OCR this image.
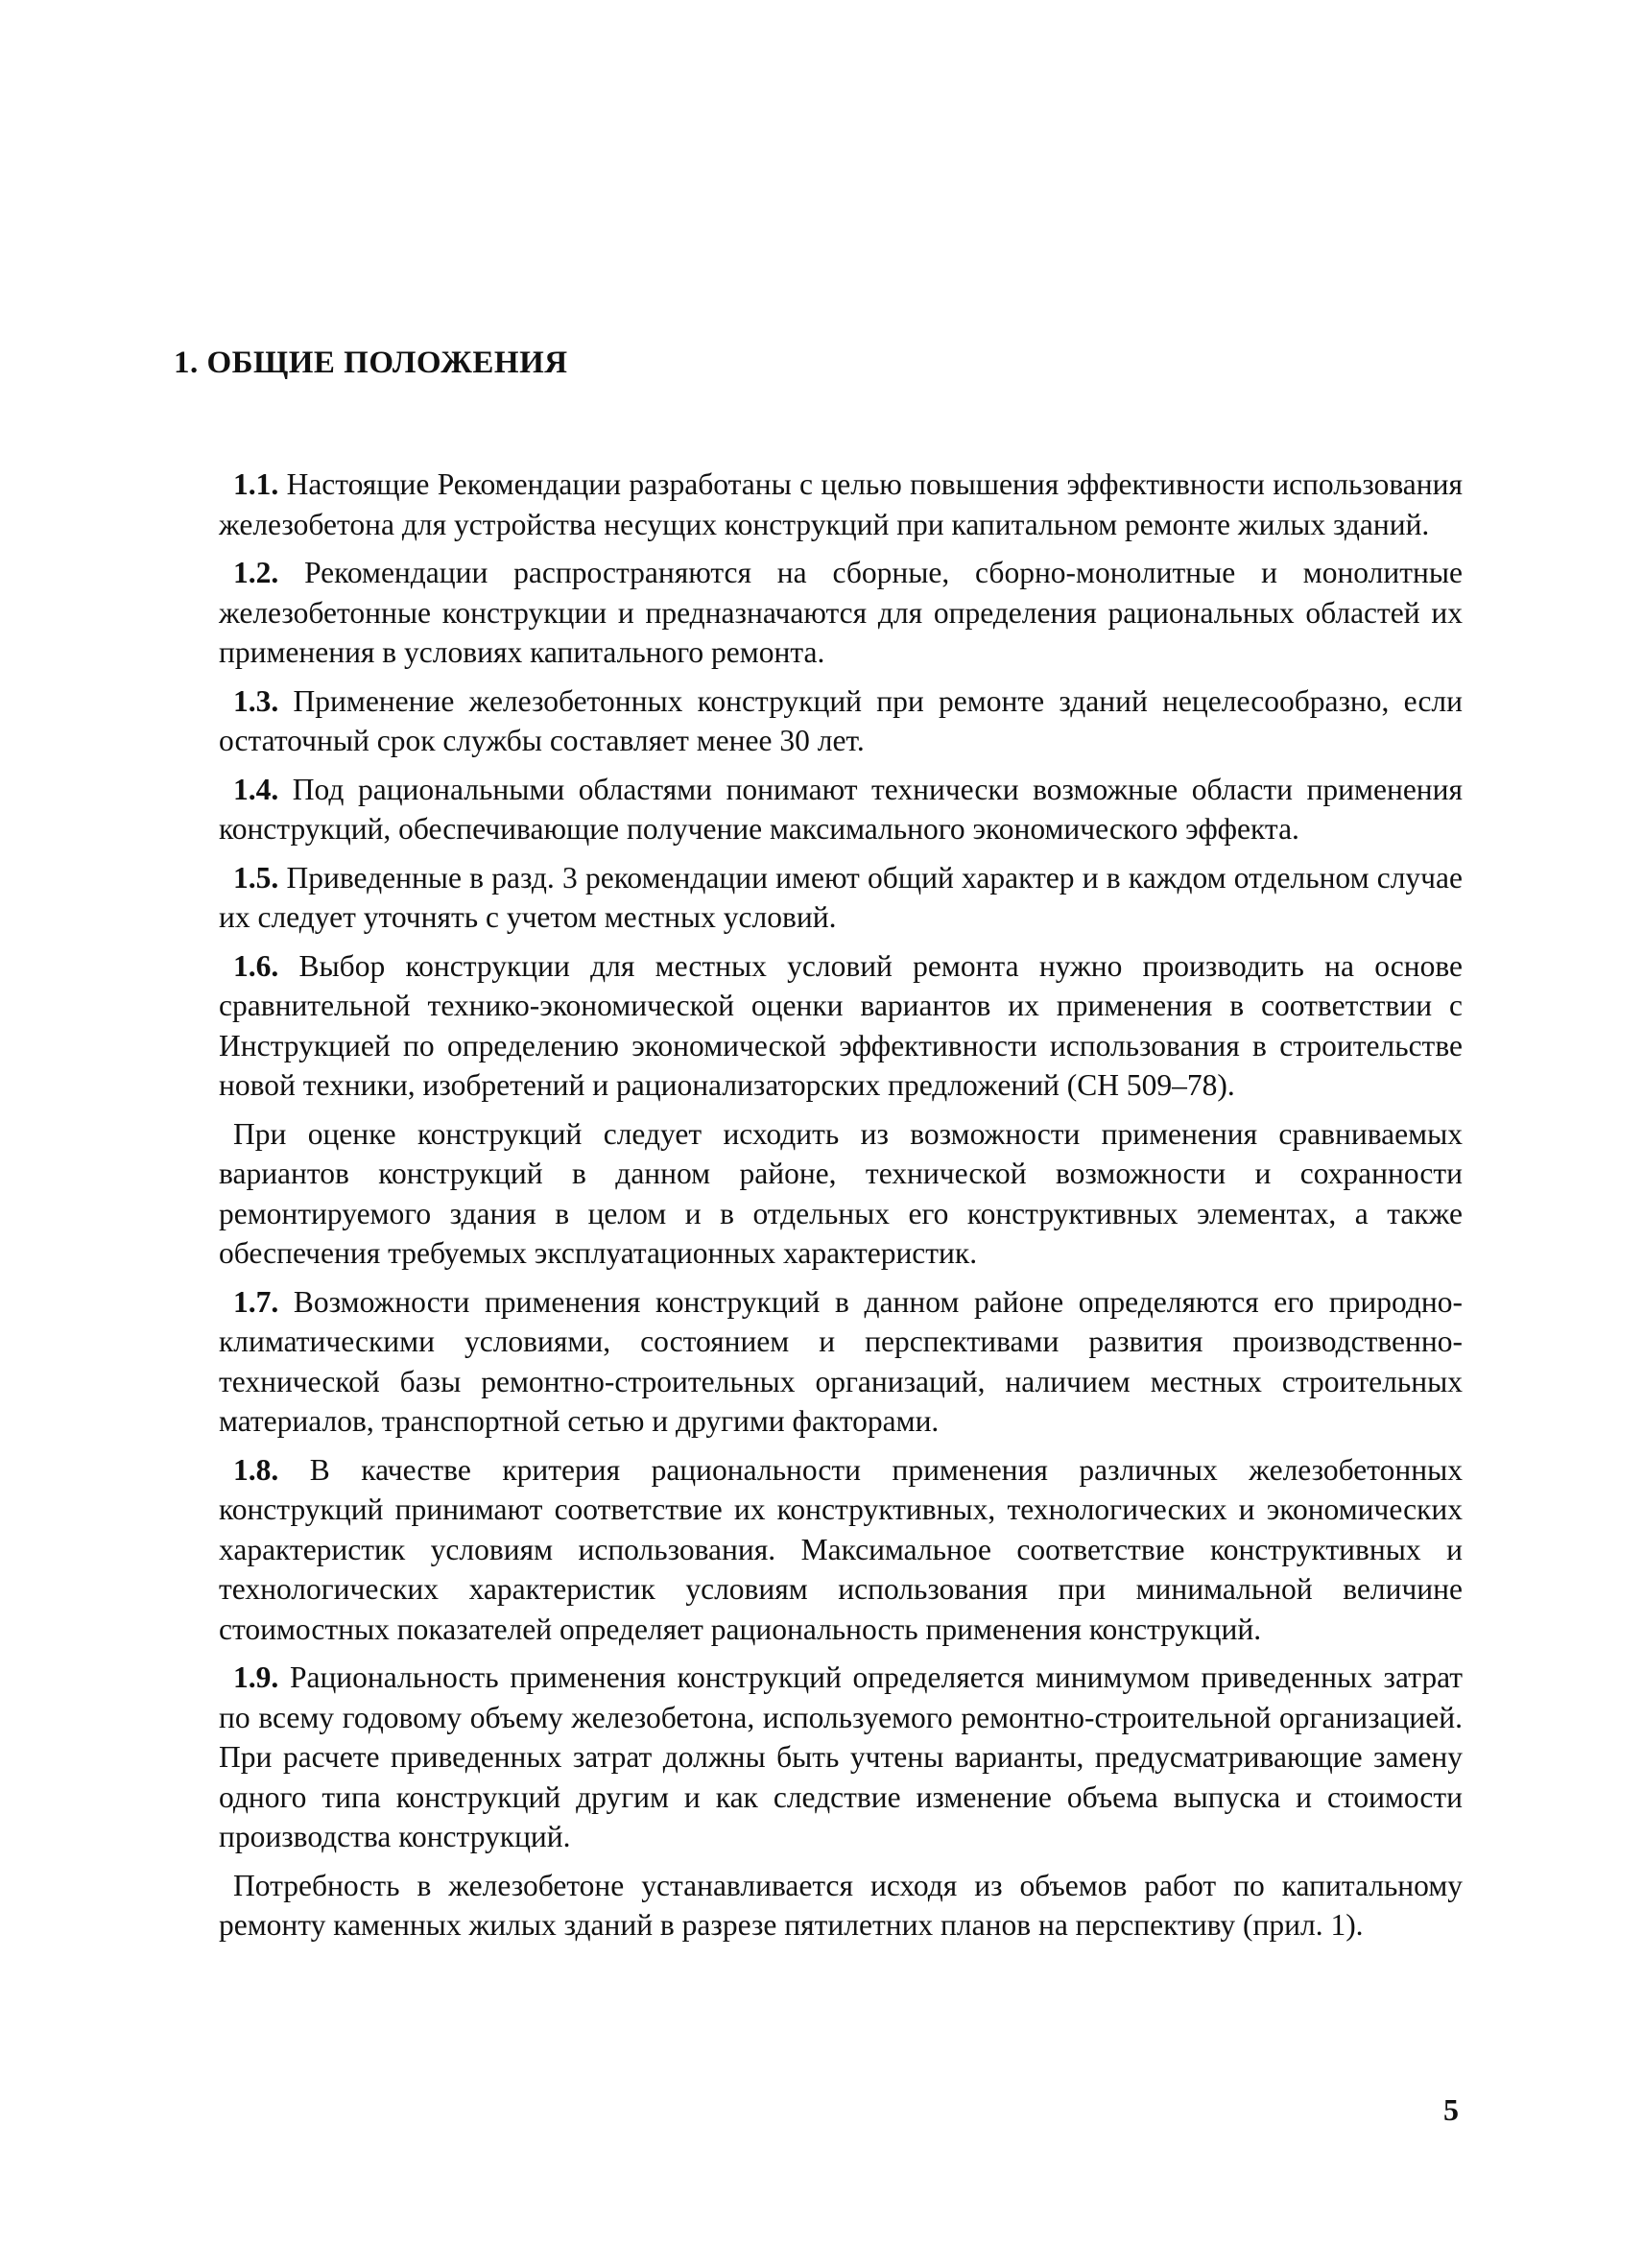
1. ОБЩИЕ ПОЛОЖЕНИЯ

1.1. Настоящие Рекомендации разработаны с целью повышения эффективности использования железобетона для устройства несущих конструкций при капитальном ремонте жилых зданий.

1.2. Рекомендации распространяются на сборные, сборно-монолитные и монолитные железобетонные конструкции и предназначаются для определения рациональных областей их применения в условиях капитального ремонта.

1.3. Применение железобетонных конструкций при ремонте зданий нецелесообразно, если остаточный срок службы составляет менее 30 лет.

1.4. Под рациональными областями понимают технически возможные области применения конструкций, обеспечивающие получение максимального экономического эффекта.

1.5. Приведенные в разд. 3 рекомендации имеют общий характер и в каждом отдельном случае их следует уточнять с учетом местных условий.

1.6. Выбор конструкции для местных условий ремонта нужно производить на основе сравнительной технико-экономической оценки вариантов их применения в соответствии с Инструкцией по определению экономической эффективности использования в строительстве новой техники, изобретений и рационализаторских предложений (СН 509–78).

При оценке конструкций следует исходить из возможности применения сравниваемых вариантов конструкций в данном районе, технической возможности и сохранности ремонтируемого здания в целом и в отдельных его конструктивных элементах, а также обеспечения требуемых эксплуатационных характеристик.

1.7. Возможности применения конструкций в данном районе определяются его природно-климатическими условиями, состоянием и перспективами развития производственно-технической базы ремонтно-строительных организаций, наличием местных строительных материалов, транспортной сетью и другими факторами.

1.8. В качестве критерия рациональности применения различных железобетонных конструкций принимают соответствие их конструктивных, технологических и экономических характеристик условиям использования. Максимальное соответствие конструктивных и технологических характеристик условиям использования при минимальной величине стоимостных показателей определяет рациональность применения конструкций.

1.9. Рациональность применения конструкций определяется минимумом приведенных затрат по всему годовому объему железобетона, используемого ремонтно-строительной организацией. При расчете приведенных затрат должны быть учтены варианты, предусматривающие замену одного типа конструкций другим и как следствие изменение объема выпуска и стоимости производства конструкций.

Потребность в железобетоне устанавливается исходя из объемов работ по капитальному ремонту каменных жилых зданий в разрезе пятилетних планов на перспективу (прил. 1).

5
